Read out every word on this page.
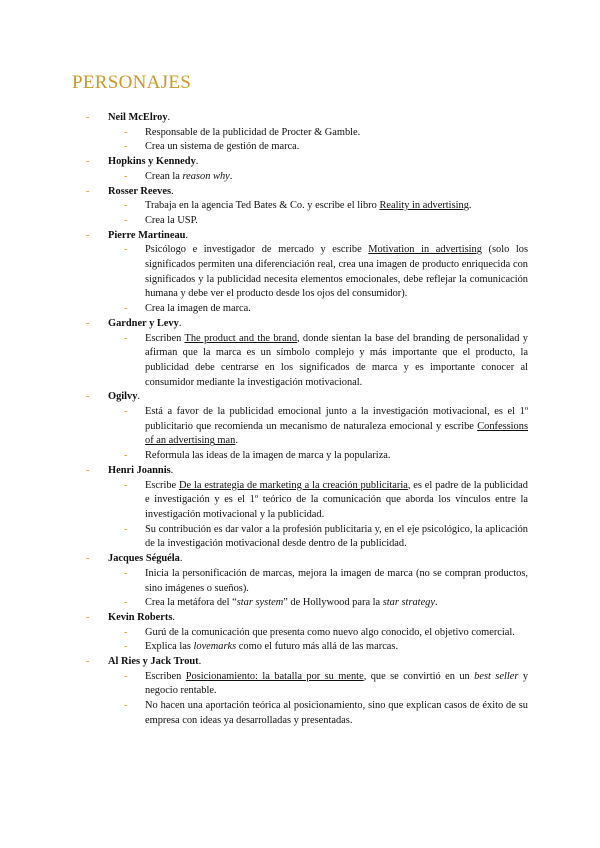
PERSONAJES
- Neil McElroy.
- Responsable de la publicidad de Procter & Gamble.
- Crea un sistema de gestión de marca.
- Hopkins y Kennedy.
- Crean la reason why.
- Rosser Reeves.
- Trabaja en la agencia Ted Bates & Co. y escribe el libro Reality in advertising.
- Crea la USP.
- Pierre Martineau.
- Psicólogo e investigador de mercado y escribe Motivation in advertising (solo los significados permiten una diferenciación real, crea una imagen de producto enriquecida con significados y la publicidad necesita elementos emocionales, debe reflejar la comunicación humana y debe ver el producto desde los ojos del consumidor).
- Crea la imagen de marca.
- Gardner y Levy.
- Escriben The product and the brand, donde sientan la base del branding de personalidad y afirman que la marca es un símbolo complejo y más importante que el producto, la publicidad debe centrarse en los significados de marca y es importante conocer al consumidor mediante la investigación motivacional.
- Ogilvy.
- Está a favor de la publicidad emocional junto a la investigación motivacional, es el 1º publicitario que recomienda un mecanismo de naturaleza emocional y escribe Confessions of an advertising man.
- Reformula las ideas de la imagen de marca y la populariza.
- Henri Joannis.
- Escribe De la estrategia de marketing a la creación publicitaria, es el padre de la publicidad e investigación y es el 1º teórico de la comunicación que aborda los vínculos entre la investigación motivacional y la publicidad.
- Su contribución es dar valor a la profesión publicitaria y, en el eje psicológico, la aplicación de la investigación motivacional desde dentro de la publicidad.
- Jacques Séguéla.
- Inicia la personificación de marcas, mejora la imagen de marca (no se compran productos, sino imágenes o sueños).
- Crea la metáfora del “star system” de Hollywood para la star strategy.
- Kevin Roberts.
- Gurú de la comunicación que presenta como nuevo algo conocido, el objetivo comercial.
- Explica las lovemarks como el futuro más allá de las marcas.
- Al Ries y Jack Trout.
- Escriben Posicionamiento: la batalla por su mente, que se convirtió en un best seller y negocio rentable.
- No hacen una aportación teórica al posicionamiento, sino que explican casos de éxito de su empresa con ideas ya desarrolladas y presentadas.
